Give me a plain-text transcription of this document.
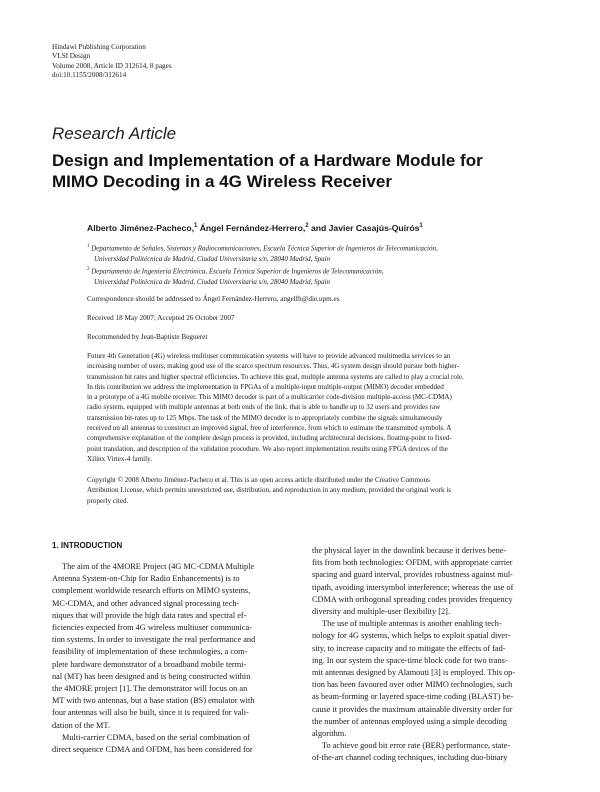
Hindawi Publishing Corporation
VLSI Design
Volume 2008, Article ID 312614, 8 pages
doi:10.1155/2008/312614
Research Article
Design and Implementation of a Hardware Module for
MIMO Decoding in a 4G Wireless Receiver
Alberto Jiménez-Pacheco,$^1$ Ángel Fernández-Herrero,$^2$ and Javier Casajús-Quirós$^1$
$^1$ Departamento de Señales, Sistemas y Radiocomunicaciones, Escuela Técnica Superior de Ingenieros de Telecomunicación,
Universidad Politécnica de Madrid, Ciudad Universitaria s/n, 28040 Madrid, Spain
$^2$ Departamento de Ingeniería Electrónica, Escuela Técnica Superior de Ingenieros de Telecomunicación,
Universidad Politécnica de Madrid, Ciudad Universitaria s/n, 28040 Madrid, Spain
Correspondence should be addressed to Ángel Fernández-Herrero, angelfh@die.upm.es
Received 18 May 2007; Accepted 26 October 2007
Recommended by Jean-Baptiste Begueret
Future 4th Generation (4G) wireless multiuser communication systems will have to provide advanced multimedia services to an
increasing number of users, making good use of the scarce spectrum resources. Thus, 4G system design should pursue both higher-
transmission bit rates and higher spectral efficiencies. To achieve this goal, multiple antenna systems are called to play a crucial role.
In this contribution we address the implementation in FPGAs of a multiple-input multiple-output (MIMO) decoder embedded
in a prototype of a 4G mobile receiver. This MIMO decoder is part of a multicarrier code-division multiple-access (MC-CDMA)
radio system, equipped with multiple antennas at both ends of the link, that is able to handle up to 32 users and provides raw
transmission bit-rates up to 125 Mbps. The task of the MIMO decoder is to appropriately combine the signals simultaneously
received on all antennas to construct an improved signal, free of interference, from which to estimate the transmitted symbols. A
comprehensive explanation of the complete design process is provided, including architectural decisions, floating-point to fixed-
point translation, and description of the validation procedure. We also report implementation results using FPGA devices of the
Xilinx Virtex-4 family.
Copyright © 2008 Alberto Jiménez-Pacheco et al. This is an open access article distributed under the Creative Commons
Attribution License, which permits unrestricted use, distribution, and reproduction in any medium, provided the original work is
properly cited.
1. INTRODUCTION
The aim of the 4MORE Project (4G MC-CDMA Multiple
Antenna System-on-Chip for Radio Enhancements) is to
complement worldwide research efforts on MIMO systems,
MC-CDMA, and other advanced signal processing tech-
niques that will provide the high data rates and spectral ef-
ficiencies expected from 4G wireless multiuser communica-
tion systems. In order to investigate the real performance and
feasibility of implementation of these technologies, a com-
plete hardware demonstrator of a broadband mobile termi-
nal (MT) has been designed and is being constructed within
the 4MORE project [1]. The demonstrator will focus on an
MT with two antennas, but a base station (BS) emulator with
four antennas will also be built, since it is required for vali-
dation of the MT.
Multi-carrier CDMA, based on the serial combination of
direct sequence CDMA and OFDM, has been considered for
the physical layer in the downlink because it derives bene-
fits from both technologies: OFDM, with appropriate carrier
spacing and guard interval, provides robustness against mul-
tipath, avoiding intersymbol interference; whereas the use of
CDMA with orthogonal spreading codes provides frequency
diversity and multiple-user flexibility [2].
The use of multiple antennas is another enabling tech-
nology for 4G systems, which helps to exploit spatial diver-
sity, to increase capacity and to mitigate the effects of fad-
ing. In our system the space-time block code for two trans-
mit antennas designed by Alamouti [3] is employed. This op-
tion has been favoured over other MIMO technologies, such
as beam-forming or layered space-time coding (BLAST) be-
cause it provides the maximum attainable diversity order for
the number of antennas employed using a simple decoding
algorithm.
To achieve good bit error rate (BER) performance, state-
of-the-art channel coding techniques, including duo-binary
